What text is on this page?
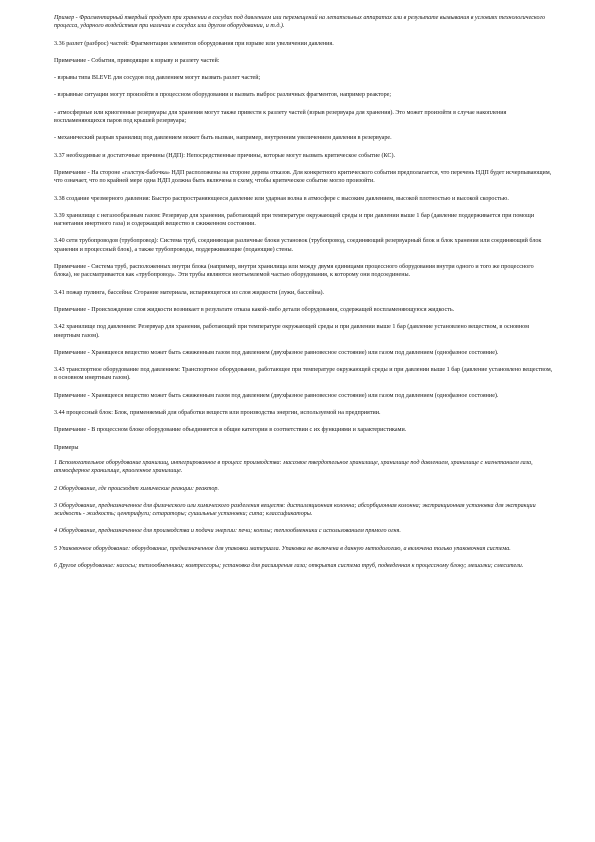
Пример - Фрагментарный твердый продукт при хранении в сосудах под давлением или перемещений на летательных аппаратах или в результате вымывания в условиях технологического процесса, ударного воздействия при наличии в сосудах или другом оборудовании, и т.д.).

3.36 разлет (разброс) частей: Фрагментация элементов оборудования при взрыве или увеличении давления.

Примечание - События, приводящие к взрыву и разлету частей:

- взрывы типа BLEVE для сосудов под давлением могут вызвать разлет частей;

- взрывные ситуации могут произойти в процессном оборудовании и вызвать выброс различных фрагментов, например реакторе;

- атмосферные или криогенные резервуары для хранения могут также привести к разлету частей (взрыв резервуара для хранения). Это может произойти в случае накопления воспламеняющихся паров под крышей резервуара;

- механический разрыв хранилищ под давлением может быть вызван, например, внутренним увеличением давления в резервуаре.

3.37 необходимые и достаточные причины (НДП): Непосредственные причины, которые могут вызвать критическое событие (КС).

Примечание - На стороне «галстук-бабочка» НДП расположены на стороне дерева отказов. Для конкретного критического события предполагается, что перечень НДП будет исчерпывающим, что означает, что по крайней мере одна НДП должна быть включена в схему, чтобы критическое событие могло произойти.

3.38 создание чрезмерного давления: Быстро распространяющееся давление или ударная волна в атмосфере с высоким давлением, высокой плотностью и высокой скоростью.

3.39 хранилище с негазообразным газом: Резервуар для хранения, работающий при температуре окружающей среды и при давлении выше 1 бар (давление поддерживается при помощи нагнетания инертного газа) и содержащий вещество в сжиженном состоянии.

3.40 сети трубопроводов (трубопровод): Система труб, соединяющая различные блоки установок (трубопровод, соединяющий резервуарный блок и блок хранения или соединяющий блок хранения и процессный блок), а также трубопроводы, поддерживающие (подающие) стены.

Примечание - Система труб, расположенных внутри блока (например, внутри хранилища или между двумя единицами процессного оборудования внутри одного и того же процессного блока), не рассматривается как «трубопровод». Эти трубы являются неотъемлемой частью оборудования, к которому они подсоединены.

3.41 пожар пулинга, бассейна: Сгорание материала, испаряющегося из слоя жидкости (лужи, бассейна).

Примечание - Происхождение слоя жидкости возникает в результате отказа какой-либо детали оборудования, содержащей воспламеняющуюся жидкость.

3.42 хранилище под давлением: Резервуар для хранения, работающий при температуре окружающей среды и при давлении выше 1 бар (давление установлено веществом, в основном инертным газом).

Примечание - Хранящееся вещество может быть сжиженным газом под давлением (двухфазное равновесное состояние) или газом под давлением (однофазное состояние).

3.43 транспортное оборудование под давлением: Транспортное оборудование, работающее при температуре окружающей среды и при давлении выше 1 бар (давление установлено веществом, в основном инертным газом).

Примечание - Хранящееся вещество может быть сжиженным газом под давлением (двухфазное равновесное состояние) или газом под давлением (однофазное состояние).

3.44 процессный блок: Блок, применяемый для обработки веществ или производства энергии, используемой на предприятии.

Примечание - В процессном блоке оборудование объединяется в общие категории в соответствии с их функциями и характеристиками.

Примеры

1 Вспомогательное оборудование хранилищ, интегрированное в процесс производства: массовое твердотельное хранилище, хранилище под давлением, хранилище с нагнетанием газа, атмосферное хранилище, криогенное хранилище.

2 Оборудование, где происходят химические реакции: реактор.

3 Оборудование, предназначенное для физического или химического разделения веществ: дистилляционная колонна; абсорбционная колонна; экстракционная установка для экстракции жидкость - жидкость; центрифуги; сепараторы; сушильные установки; сита; классификаторы.

4 Оборудование, предназначенное для производства и подачи энергии: печи; котлы; теплообменники с использованием прямого огня.

5 Упаковочное оборудование: оборудование, предназначенное для упаковки материала. Упаковка не включена в данную методологию, а включена только упаковочная система.

6 Другое оборудование: насосы; теплообменники; компрессоры; установка для расширения газа; открытая система труб, подведенная к процессному блоку; мешалки; смесители.
